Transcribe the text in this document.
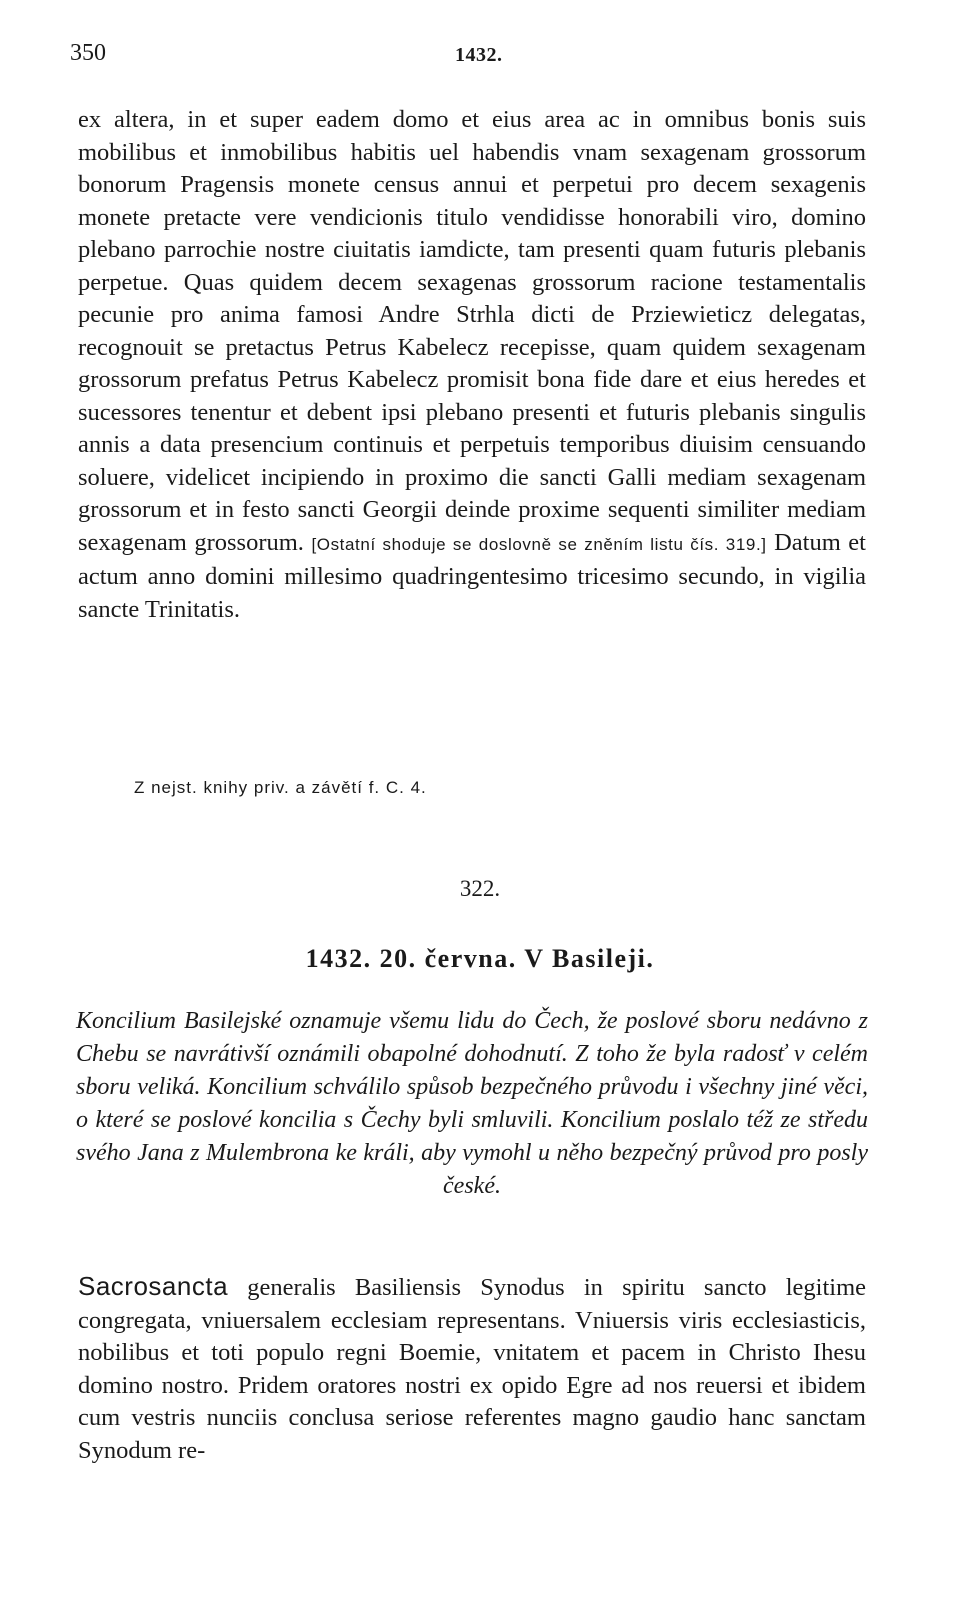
350	1432.
ex altera, in et super eadem domo et eius area ac in omnibus bonis suis mobilibus et inmobilibus habitis uel habendis vnam sexagenam grossorum bonorum Pragensis monete census annui et perpetui pro decem sexagenis monete pretacte vere vendicionis titulo vendidisse honorabili viro, domino plebano parrochie nostre ciuitatis iamdicte, tam presenti quam futuris plebanis perpetue. Quas quidem decem sexagenas grossorum racione testamentalis pecunie pro anima famosi Andre Strhla dicti de Prziewieticz delegatas, recognouit se pretactus Petrus Kabelecz recepisse, quam quidem sexagenam grossorum prefatus Petrus Kabelecz promisit bona fide dare et eius heredes et sucessores tenentur et debent ipsi plebano presenti et futuris plebanis singulis annis a data presencium continuis et perpetuis temporibus diuisim censuando soluere, videlicet incipiendo in proximo die sancti Galli mediam sexagenam grossorum et in festo sancti Georgii deinde proxime sequenti similiter mediam sexagenam grossorum. [Ostatní shoduje se doslovně se zněním listu čís. 319.] Datum et actum anno domini millesimo quadringentesimo tricesimo secundo, in vigilia sancte Trinitatis.
Z nejst. knihy priv. a závětí f. C. 4.
322.
1432. 20. června. V Basileji.
Koncilium Basilejské oznamuje všemu lidu do Čech, že poslové sboru nedávno z Chebu se navrátivší oznámili obapolné dohodnutí. Z toho že byla radosť v celém sboru veliká. Koncilium schválilo spůsob bezpečného průvodu i všechny jiné věci, o které se poslové koncilia s Čechy byli smluvili. Koncilium poslalo též ze středu svého Jana z Mulembrona ke králi, aby vymohl u něho bezpečný průvod pro posly české.
Sacrosancta generalis Basiliensis Synodus in spiritu sancto legitime congregata, vniuersalem ecclesiam representans. Vniuersis viris ecclesiasticis, nobilibus et toti populo regni Boemie, vnitatem et pacem in Christo Ihesu domino nostro. Pridem oratores nostri ex opido Egre ad nos reuersi et ibidem cum vestris nunciis conclusa seriose referentes magno gaudio hanc sanctam Synodum re-
